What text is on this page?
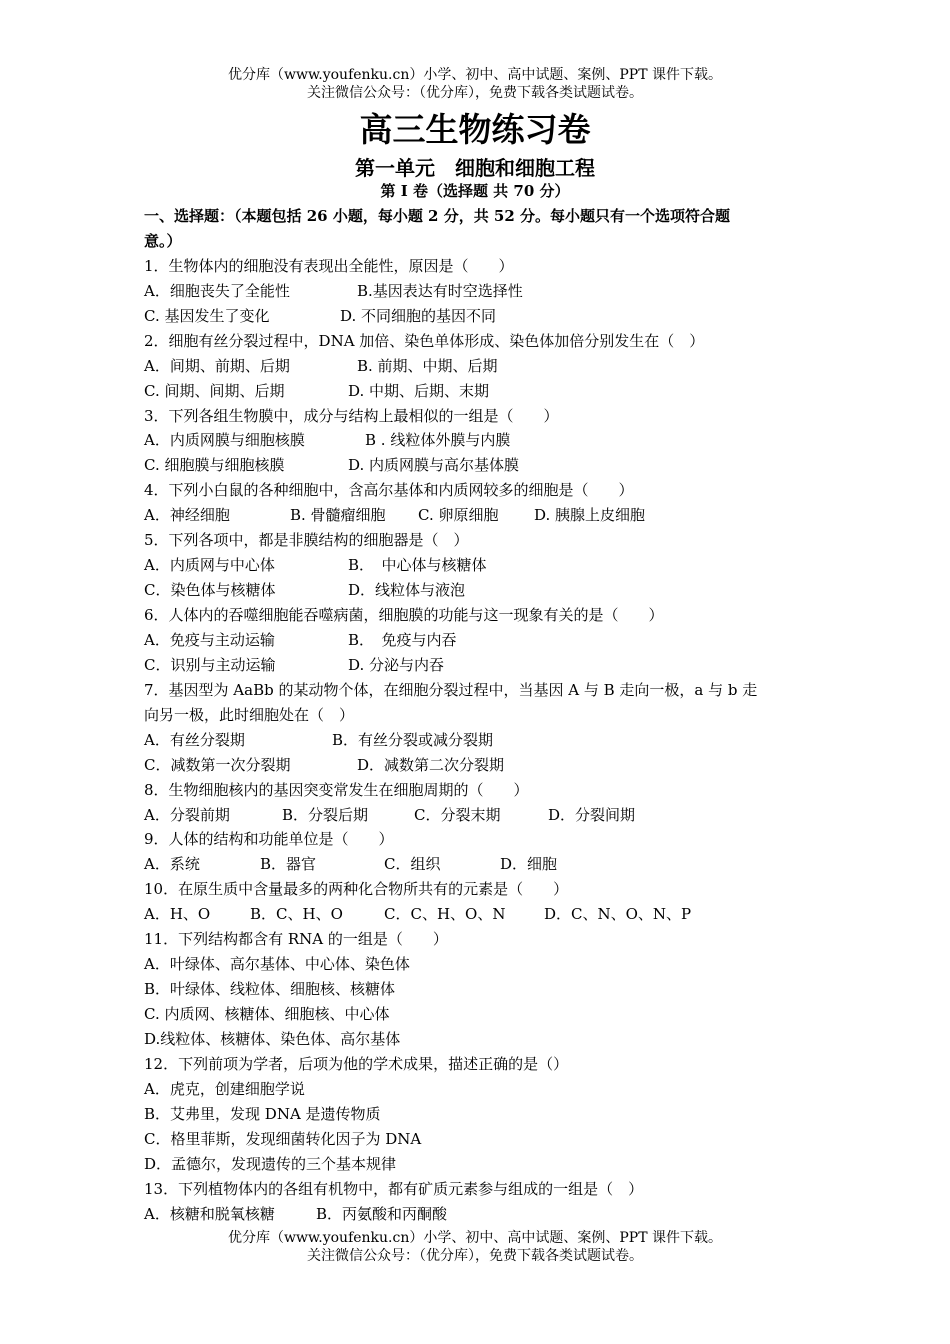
优分库（www.youfenku.cn）小学、初中、高中试题、案例、PPT 课件下载。
关注微信公众号：（优分库），免费下载各类试题试卷。
高三生物练习卷
第一单元　细胞和细胞工程
第 I 卷（选择题 共 70 分）
一、选择题：（本题包括 26 小题，每小题 2 分，共 52 分。每小题只有一个选项符合题
意。）
1．生物体内的细胞没有表现出全能性，原因是（　　）
A．细胞丧失了全能性	B.基因表达有时空选择性
C. 基因发生了变化	D. 不同细胞的基因不同
2．细胞有丝分裂过程中，DNA 加倍、染色单体形成、染色体加倍分别发生在（　）
A．间期、前期、后期	B. 前期、中期、后期
C. 间期、间期、后期	D. 中期、后期、末期
3．下列各组生物膜中，成分与结构上最相似的一组是（　　）
A．内质网膜与细胞核膜	B . 线粒体外膜与内膜
C. 细胞膜与细胞核膜	D. 内质网膜与高尔基体膜
4．下列小白鼠的各种细胞中，含高尔基体和内质网较多的细胞是（　　）
A．神经细胞	B. 骨髓瘤细胞	C. 卵原细胞	D. 胰腺上皮细胞
5．下列各项中，都是非膜结构的细胞器是（　）
A．内质网与中心体	B．　中心体与核糖体
C．染色体与核糖体	D．线粒体与液泡
6．人体内的吞噬细胞能吞噬病菌，细胞膜的功能与这一现象有关的是（　　）
A．免疫与主动运输	B．　免疫与内吞
C．识别与主动运输	D. 分泌与内吞
7．基因型为 AaBb 的某动物个体，在细胞分裂过程中，当基因 A 与 B 走向一极，a 与 b 走
向另一极，此时细胞处在（　）
A．有丝分裂期	B．有丝分裂或减分裂期
C．减数第一次分裂期	D．减数第二次分裂期
8．生物细胞核内的基因突变常发生在细胞周期的（　　）
A．分裂前期	B．分裂后期	C．分裂末期	D．分裂间期
9．人体的结构和功能单位是（　　）
A．系统	B．器官	C．组织	D．细胞
10．在原生质中含量最多的两种化合物所共有的元素是（　　）
A．H、O	B．C、H、O	C．C、H、O、N	D．C、N、O、N、P
11．下列结构都含有 RNA 的一组是（　　）
A．叶绿体、高尔基体、中心体、染色体
B．叶绿体、线粒体、细胞核、核糖体
C. 内质网、核糖体、细胞核、中心体
D.线粒体、核糖体、染色体、高尔基体
12．下列前项为学者，后项为他的学术成果，描述正确的是（）
A．虎克，创建细胞学说
B．艾弗里，发现 DNA 是遗传物质
C．格里菲斯，发现细菌转化因子为 DNA
D．孟德尔，发现遗传的三个基本规律
13．下列植物体内的各组有机物中，都有矿质元素参与组成的一组是（　）
A．核糖和脱氧核糖	B．丙氨酸和丙酮酸
优分库（www.youfenku.cn）小学、初中、高中试题、案例、PPT 课件下载。
关注微信公众号：（优分库），免费下载各类试题试卷。
